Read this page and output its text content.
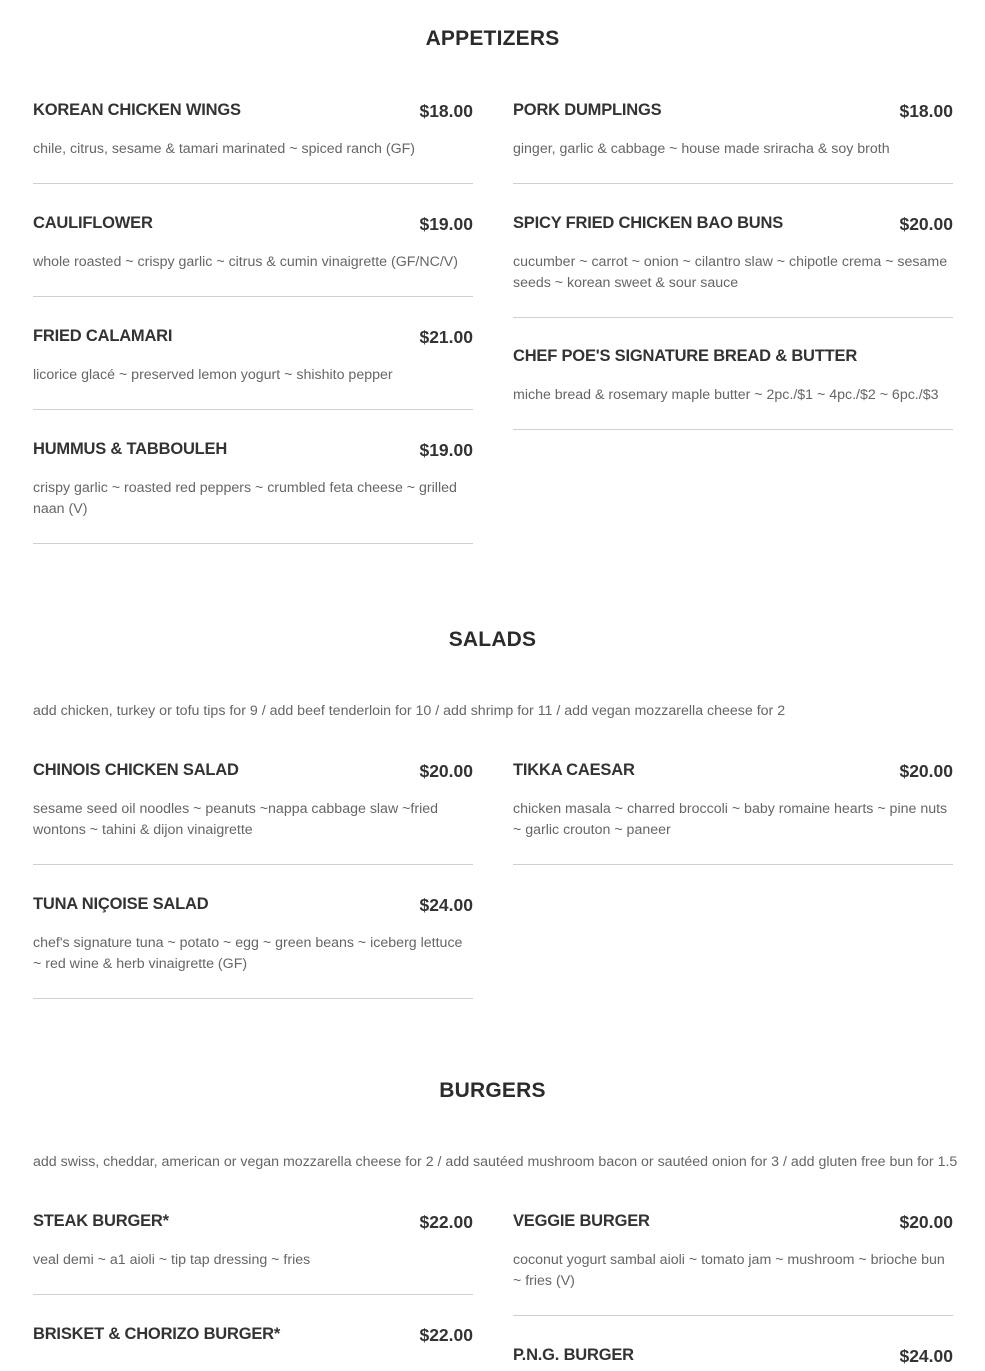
APPETIZERS
KOREAN CHICKEN WINGS	$18.00
chile, citrus, sesame & tamari marinated ~ spiced ranch (GF)
PORK DUMPLINGS	$18.00
ginger, garlic & cabbage ~ house made sriracha & soy broth
CAULIFLOWER	$19.00
whole roasted ~ crispy garlic ~ citrus & cumin vinaigrette (GF/NC/V)
SPICY FRIED CHICKEN BAO BUNS	$20.00
cucumber ~ carrot ~ onion ~ cilantro slaw ~ chipotle crema ~ sesame seeds ~ korean sweet & sour sauce
FRIED CALAMARI	$21.00
licorice glacé ~ preserved lemon yogurt ~ shishito pepper
CHEF POE'S SIGNATURE BREAD & BUTTER
miche bread & rosemary maple butter ~ 2pc./$1 ~ 4pc./$2 ~ 6pc./$3
HUMMUS & TABBOULEH	$19.00
crispy garlic ~ roasted red peppers ~ crumbled feta cheese ~ grilled naan (V)
SALADS

add chicken, turkey or tofu tips for 9 / add beef tenderloin for 10 / add shrimp for 11 / add vegan mozzarella cheese for 2

CHINOIS CHICKEN SALAD	$20.00
sesame seed oil noodles ~ peanuts ~nappa cabbage slaw ~fried wontons ~ tahini & dijon vinaigrette
TIKKA CAESAR	$20.00
chicken masala ~ charred broccoli ~ baby romaine hearts ~ pine nuts ~ garlic crouton ~ paneer
TUNA NIÇOISE SALAD	$24.00
chef's signature tuna ~ potato ~ egg ~ green beans ~ iceberg lettuce ~ red wine & herb vinaigrette (GF)
BURGERS

add swiss, cheddar, american or vegan mozzarella cheese for 2 / add sautéed mushroom bacon or sautéed onion for 3 / add gluten free bun for 1.5

STEAK BURGER*	$22.00
veal demi ~ a1 aioli ~ tip tap dressing ~ fries
VEGGIE BURGER	$20.00
coconut yogurt sambal aioli ~ tomato jam ~ mushroom ~ brioche bun ~ fries (V)
BRISKET & CHORIZO BURGER*	$22.00
P.N.G. BURGER	$24.00
